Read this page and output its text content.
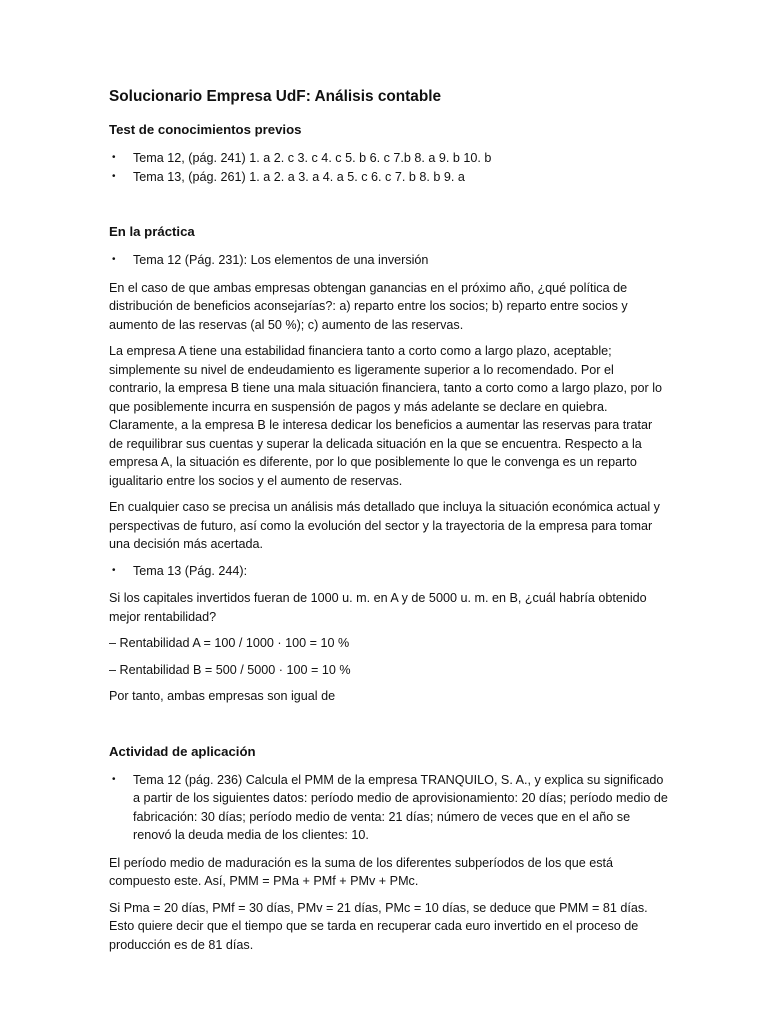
Solucionario Empresa UdF: Análisis contable
Test de conocimientos previos
• Tema 12, (pág. 241) 1. a 2. c 3. c 4. c 5. b 6. c 7.b 8. a 9. b 10. b
• Tema 13, (pág. 261) 1. a 2. a 3. a 4. a 5. c 6. c 7. b 8. b 9. a
En la práctica
• Tema 12 (Pág. 231): Los elementos de una inversión

En el caso de que ambas empresas obtengan ganancias en el próximo año, ¿qué política de distribución de beneficios aconsejarías?: a) reparto entre los socios; b) reparto entre socios y aumento de las reservas (al 50 %); c) aumento de las reservas.

La empresa A tiene una estabilidad financiera tanto a corto como a largo plazo, aceptable; simplemente su nivel de endeudamiento es ligeramente superior a lo recomendado. Por el contrario, la empresa B tiene una mala situación financiera, tanto a corto como a largo plazo, por lo que posiblemente incurra en suspensión de pagos y más adelante se declare en quiebra. Claramente, a la empresa B le interesa dedicar los beneficios a aumentar las reservas para tratar de requilibrar sus cuentas y superar la delicada situación en la que se encuentra. Respecto a la empresa A, la situación es diferente, por lo que posiblemente lo que le convenga es un reparto igualitario entre los socios y el aumento de reservas.

En cualquier caso se precisa un análisis más detallado que incluya la situación económica actual y perspectivas de futuro, así como la evolución del sector y la trayectoria de la empresa para tomar una decisión más acertada.

• Tema 13 (Pág. 244):

Si los capitales invertidos fueran de 1000 u. m. en A y de 5000 u. m. en B, ¿cuál habría obtenido mejor rentabilidad?

– Rentabilidad A = 100 / 1000 · 100 = 10 %

– Rentabilidad B = 500 / 5000 · 100 = 10 %

Por tanto, ambas empresas son igual de

Actividad de aplicación
• Tema 12 (pág. 236) Calcula el PMM de la empresa TRANQUILO, S. A., y explica su significado a partir de los siguientes datos: período medio de aprovisionamiento: 20 días; período medio de fabricación: 30 días; período medio de venta: 21 días; número de veces que en el año se renovó la deuda media de los clientes: 10.

El período medio de maduración es la suma de los diferentes subperíodos de los que está compuesto este. Así, PMM = PMa + PMf + PMv + PMc.

Si Pma = 20 días, PMf = 30 días, PMv = 21 días, PMc = 10 días, se deduce que PMM = 81 días. Esto quiere decir que el tiempo que se tarda en recuperar cada euro invertido en el proceso de producción es de 81 días.
